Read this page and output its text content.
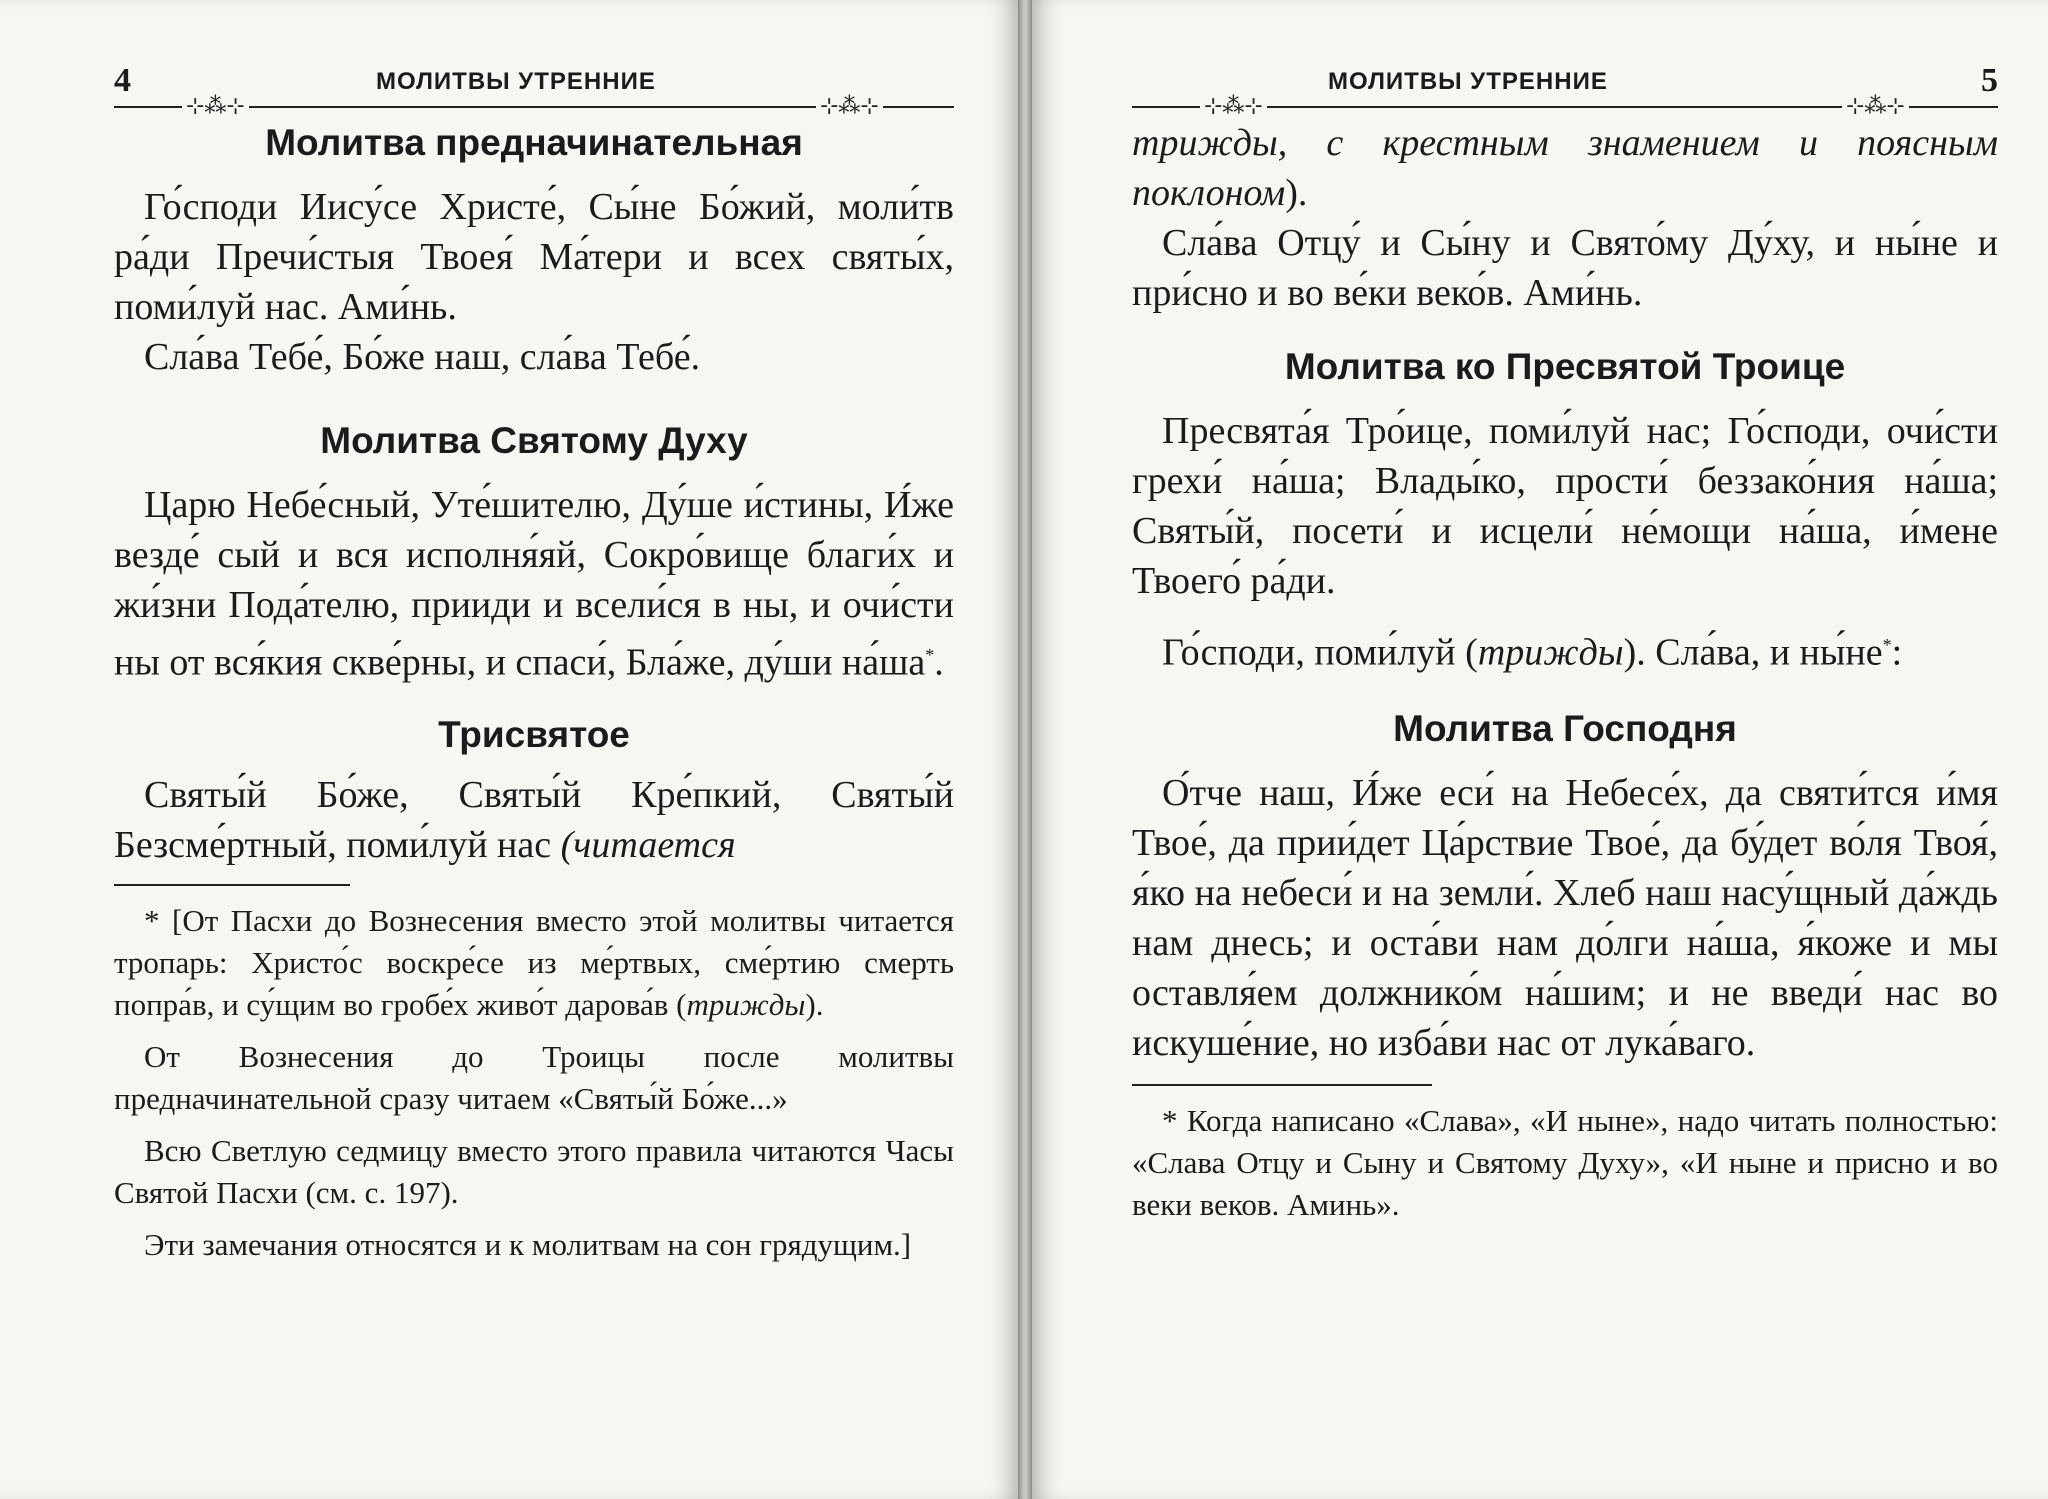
4	МОЛИТВЫ УТРЕННИЕ
⊹⁂⊹	⊹⁂⊹

Молитва предначинательная

Го́споди Иису́се Христе́, Сы́не Бо́жий, моли́тв ра́ди Пречи́стыя Твоея́ Ма́тери и всех святы́х, поми́луй нас. Ами́нь.

Сла́ва Тебе́, Бо́же наш, сла́ва Тебе́.

Молитва Святому Духу

Царю Небе́сный, Уте́шителю, Ду́ше и́стины, И́же везде́ сый и вся исполня́яй, Сокро́вище благи́х и жи́зни Пода́телю, прииди и всели́ся в ны, и очи́сти ны от вся́кия скве́рны, и спаси́, Бла́же, ду́ши на́ша*.

Трисвятое

Святы́й Бо́же, Святы́й Кре́пкий, Святы́й Безсме́ртный, поми́луй нас (читается

* [От Пасхи до Вознесения вместо этой молитвы читается тропарь: Христо́с воскре́се из ме́ртвых, сме́ртию смерть попра́в, и су́щим во гробе́х живо́т дарова́в (трижды).

От Вознесения до Троицы после молитвы предначинательной сразу читаем «Святы́й Бо́же...»

Всю Светлую седмицу вместо этого правила читаются Часы Святой Пасхи (см. с. 197).

Эти замечания относятся и к молитвам на сон грядущим.]

МОЛИТВЫ УТРЕННИЕ	5
⊹⁂⊹	⊹⁂⊹

трижды, с крестным знамением и поясным поклоном).

Сла́ва Отцу́ и Сы́ну и Свято́му Ду́ху, и ны́не и при́сно и во ве́ки веко́в. Ами́нь.

Молитва ко Пресвятой Троице

Пресвята́я Тро́ице, поми́луй нас; Го́споди, очи́сти грехи́ на́ша; Влады́ко, прости́ беззако́ния на́ша; Святы́й, посети́ и исцели́ не́мощи на́ша, и́мене Твоего́ ра́ди.

Го́споди, поми́луй (трижды). Сла́ва, и ны́не*:

Молитва Господня

О́тче наш, И́же еси́ на Небесе́х, да святи́тся и́мя Твое́, да прии́дет Ца́рствие Твое́, да бу́дет во́ля Твоя́, я́ко на небеси́ и на земли́. Хлеб наш насу́щный да́ждь нам днесь; и оста́ви нам до́лги на́ша, я́коже и мы оставля́ем должнико́м на́шим; и не введи́ нас во искуше́ние, но изба́ви нас от лука́ваго.

* Когда написано «Слава», «И ныне», надо читать полностью: «Слава Отцу и Сыну и Святому Духу», «И ныне и присно и во веки веков. Аминь».
